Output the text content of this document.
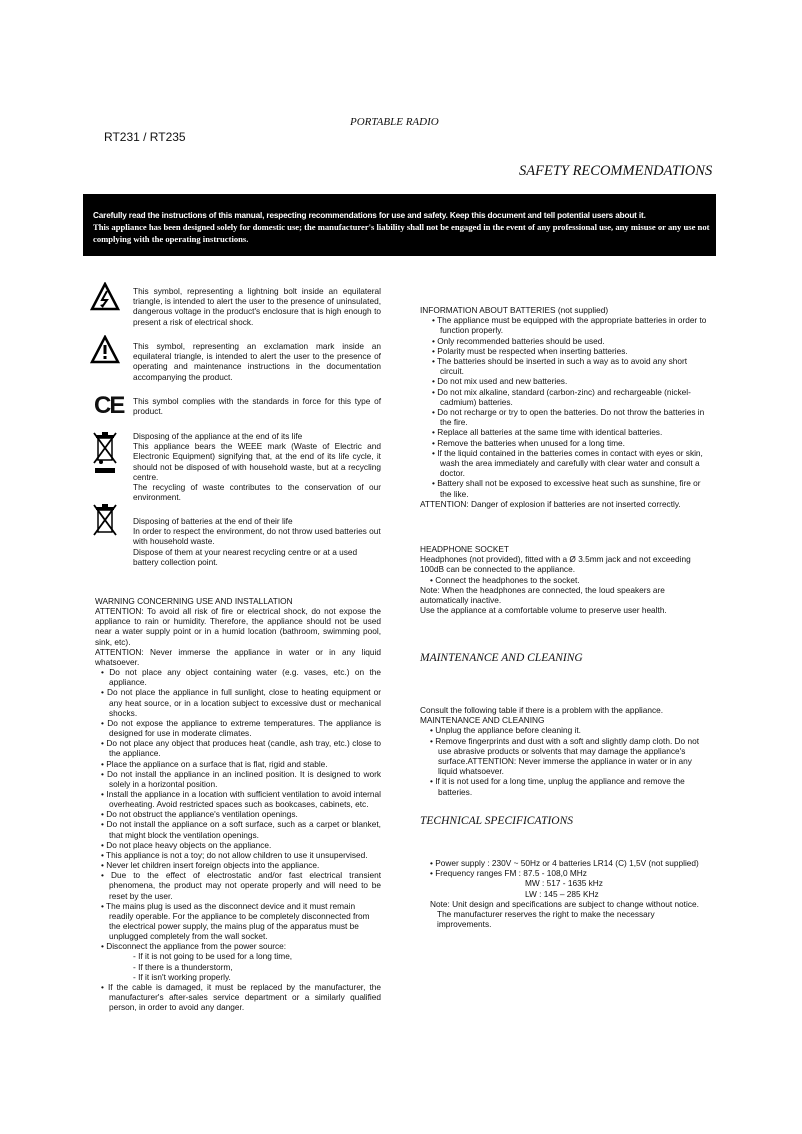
PORTABLE RADIO
RT231 / RT235
SAFETY RECOMMENDATIONS
Carefully read the instructions of this manual, respecting recommendations for use and safety. Keep this document and tell potential users about it.
This appliance has been designed solely for domestic use; the manufacturer's liability shall not be engaged in the event of any professional use, any misuse or any use not complying with the operating instructions.
This symbol, representing a lightning bolt inside an equilateral triangle, is intended to alert the user to the presence of uninsulated, dangerous voltage in the product's enclosure that is high enough to present a risk of electrical shock.
This symbol, representing an exclamation mark inside an equilateral triangle, is intended to alert the user to the presence of operating and maintenance instructions in the documentation accompanying the product.
CE This symbol complies with the standards in force for this type of product.

Disposing of the appliance at the end of its life

This appliance bears the WEEE mark (Waste of Electric and Electronic Equipment) signifying that, at the end of its life cycle, it should not be disposed of with household waste, but at a recycling centre.

The recycling of waste contributes to the conservation of our environment.

Disposing of batteries at the end of their life

In order to respect the environment, do not throw used batteries out with household waste.

Dispose of them at your nearest recycling centre or at a used battery collection point.

WARNING CONCERNING USE AND INSTALLATION

ATTENTION: To avoid all risk of fire or electrical shock, do not expose the appliance to rain or humidity. Therefore, the appliance should not be used near a water supply point or in a humid location (bathroom, swimming pool, sink, etc).

ATTENTION: Never immerse the appliance in water or in any liquid whatsoever.

• Do not place any object containing water (e.g. vases, etc.) on the appliance.

• Do not place the appliance in full sunlight, close to heating equipment or any heat source, or in a location subject to excessive dust or mechanical shocks.

• Do not expose the appliance to extreme temperatures. The appliance is designed for use in moderate climates.

• Do not place any object that produces heat (candle, ash tray, etc.) close to the appliance.

• Place the appliance on a surface that is flat, rigid and stable.

• Do not install the appliance in an inclined position. It is designed to work solely in a horizontal position.

• Install the appliance in a location with sufficient ventilation to avoid internal overheating. Avoid restricted spaces such as bookcases, cabinets, etc.

• Do not obstruct the appliance's ventilation openings.

• Do not install the appliance on a soft surface, such as a carpet or blanket, that might block the ventilation openings.

• Do not place heavy objects on the appliance.

• This appliance is not a toy; do not allow children to use it unsupervised.

• Never let children insert foreign objects into the appliance.

• Due to the effect of electrostatic and/or fast electrical transient phenomena, the product may not operate properly and will need to be reset by the user.

• The mains plug is used as the disconnect device and it must remain readily operable. For the appliance to be completely disconnected from the electrical power supply, the mains plug of the apparatus must be unplugged completely from the wall socket.

• Disconnect the appliance from the power source:

- If it is not going to be used for a long time,

- If there is a thunderstorm,

- If it isn't working properly.

• If the cable is damaged, it must be replaced by the manufacturer, the manufacturer's after-sales service department or a similarly qualified person, in order to avoid any danger.

INFORMATION ABOUT BATTERIES (not supplied)

• The appliance must be equipped with the appropriate batteries in order to function properly.

• Only recommended batteries should be used.

• Polarity must be respected when inserting batteries.

• The batteries should be inserted in such a way as to avoid any short circuit.

• Do not mix used and new batteries.

• Do not mix alkaline, standard (carbon-zinc) and rechargeable (nickel-cadmium) batteries.

• Do not recharge or try to open the batteries. Do not throw the batteries in the fire.

• Replace all batteries at the same time with identical batteries.

• Remove the batteries when unused for a long time.

• If the liquid contained in the batteries comes in contact with eyes or skin, wash the area immediately and carefully with clear water and consult a doctor.

• Battery shall not be exposed to excessive heat such as sunshine, fire or the like.

ATTENTION: Danger of explosion if batteries are not inserted correctly.

HEADPHONE SOCKET

Headphones (not provided), fitted with a Ø 3.5mm jack and not exceeding 100dB can be connected to the appliance.

• Connect the headphones to the socket.

Note: When the headphones are connected, the loud speakers are automatically inactive.

Use the appliance at a comfortable volume to preserve user health.

MAINTENANCE AND CLEANING

Consult the following table if there is a problem with the appliance.

MAINTENANCE AND CLEANING

• Unplug the appliance before cleaning it.

• Remove fingerprints and dust with a soft and slightly damp cloth. Do not use abrasive products or solvents that may damage the appliance's surface.ATTENTION: Never immerse the appliance in water or in any liquid whatsoever.

• If it is not used for a long time, unplug the appliance and remove the batteries.

TECHNICAL SPECIFICATIONS

• Power supply : 230V ~ 50Hz or 4 batteries LR14 (C) 1,5V (not supplied)

• Frequency ranges FM : 87.5 - 108,0 MHz

MW : 517 - 1635 kHz

LW : 145 – 285 KHz

Note: Unit design and specifications are subject to change without notice. The manufacturer reserves the right to make the necessary improvements.
